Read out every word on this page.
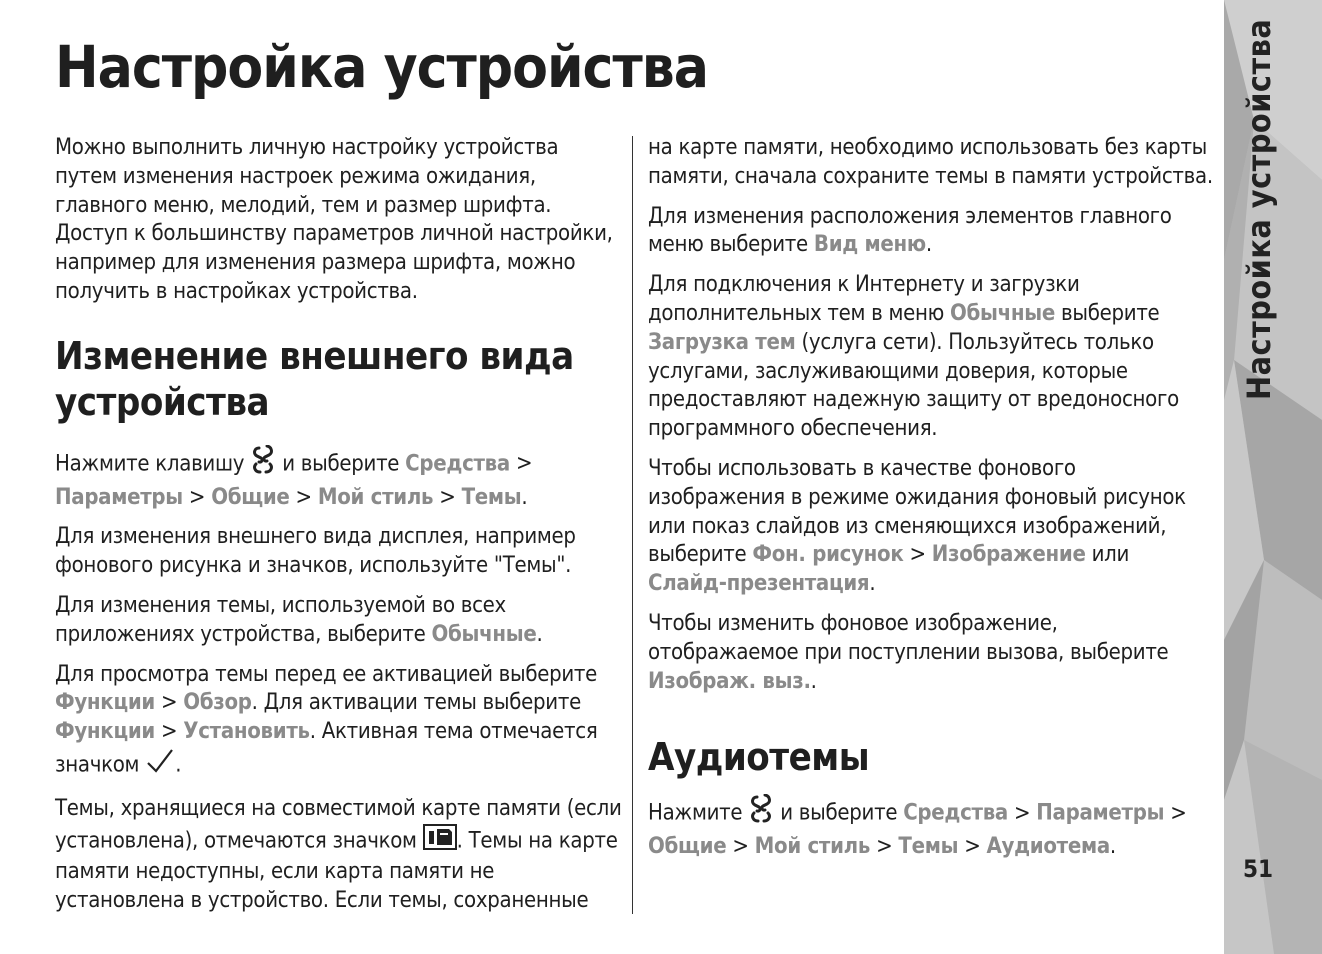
Настройка устройства

Можно выполнить личную настройку устройства путем изменения настроек режима ожидания, главного меню, мелодий, тем и размер шрифта. Доступ к большинству параметров личной настройки, например для изменения размера шрифта, можно получить в настройках устройства.

Изменение внешнего вида устройства

Нажмите клавишу и выберите Средства >Параметры > Общие > Мой стиль > Темы.

Для изменения внешнего вида дисплея, например фонового рисунка и значков, используйте "Темы".

Для изменения темы, используемой во всех приложениях устройства, выберите Обычные.

Для просмотра темы перед ее активацией выберите Функции > Обзор. Для активации темы выберите Функции > Установить. Активная тема отмечается значком .

Темы, хранящиеся на совместимой карте памяти (если установлена), отмечаются значком . Темы на карте памяти недоступны, если карта памяти не установлена в устройство. Если темы, сохраненные

на карте памяти, необходимо использовать без карты памяти, сначала сохраните темы в памяти устройства.

Для изменения расположения элементов главного меню выберите Вид меню.

Для подключения к Интернету и загрузки дополнительных тем в меню Обычные выберите Загрузка тем (услуга сети). Пользуйтесь только услугами, заслуживающими доверия, которые предоставляют надежную защиту от вредоносного программного обеспечения.

Чтобы использовать в качестве фонового изображения в режиме ожидания фоновый рисунок или показ слайдов из сменяющихся изображений, выберите Фон. рисунок > Изображение или Слайд-презентация.

Чтобы изменить фоновое изображение, отображаемое при поступлении вызова, выберите Изображ. выз..

Аудиотемы

Нажмите и выберите Средства > Параметры >Общие > Мой стиль > Темы > Аудиотема.

Настройка устройства
51
